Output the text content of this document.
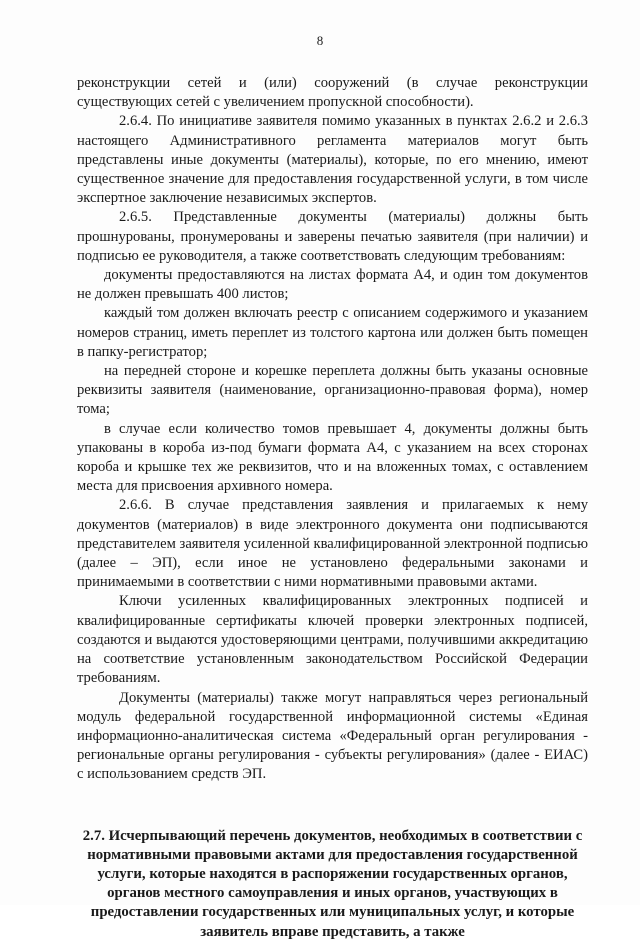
8

реконструкции сетей и (или) сооружений (в случае реконструкции существующих сетей с увеличением пропускной способности).

2.6.4. По инициативе заявителя помимо указанных в пунктах 2.6.2 и 2.6.3 настоящего Административного регламента материалов могут быть представлены иные документы (материалы), которые, по его мнению, имеют существенное значение для предоставления государственной услуги, в том числе экспертное заключение независимых экспертов.

2.6.5. Представленные документы (материалы) должны быть прошнурованы, пронумерованы и заверены печатью заявителя (при наличии) и подписью ее руководителя, а также соответствовать следующим требованиям:

документы предоставляются на листах формата А4, и один том документов не должен превышать 400 листов;

каждый том должен включать реестр с описанием содержимого и указанием номеров страниц, иметь переплет из толстого картона или должен быть помещен в папку-регистратор;

на передней стороне и корешке переплета должны быть указаны основные реквизиты заявителя (наименование, организационно-правовая форма), номер тома;

в случае если количество томов превышает 4, документы должны быть упакованы в короба из-под бумаги формата А4, с указанием на всех сторонах короба и крышке тех же реквизитов, что и на вложенных томах, с оставлением места для присвоения архивного номера.

2.6.6. В случае представления заявления и прилагаемых к нему документов (материалов) в виде электронного документа они подписываются представителем заявителя усиленной квалифицированной электронной подписью (далее – ЭП), если иное не установлено федеральными законами и принимаемыми в соответствии с ними нормативными правовыми актами.

Ключи усиленных квалифицированных электронных подписей и квалифицированные сертификаты ключей проверки электронных подписей, создаются и выдаются удостоверяющими центрами, получившими аккредитацию на соответствие установленным законодательством Российской Федерации требованиям.

Документы (материалы) также могут направляться через региональный модуль федеральной государственной информационной системы «Единая информационно-аналитическая система «Федеральный орган регулирования - региональные органы регулирования - субъекты регулирования» (далее - ЕИАС) с использованием средств ЭП.

2.7. Исчерпывающий перечень документов, необходимых в соответствии с нормативными правовыми актами для предоставления государственной услуги, которые находятся в распоряжении государственных органов, органов местного самоуправления и иных органов, участвующих в предоставлении государственных или муниципальных услуг, и которые заявитель вправе представить, а также
